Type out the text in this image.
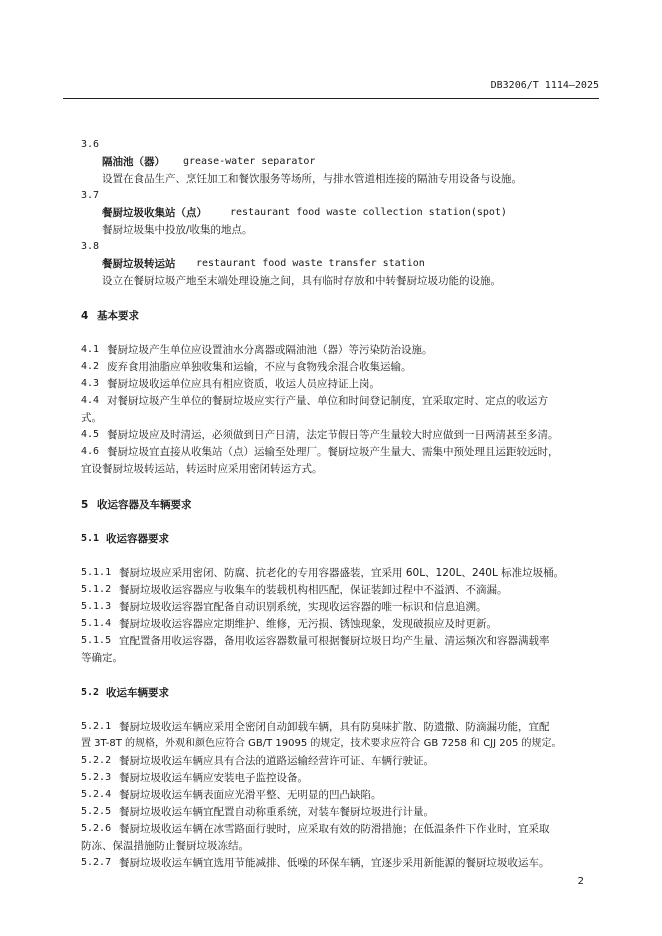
DB3206/T 1114—2025
3.6
隔油池（器） grease-water separator
设置在食品生产、烹饪加工和餐饮服务等场所，与排水管道相连接的隔油专用设备与设施。
3.7
餐厨垃圾收集站（点） restaurant food waste collection station(spot)
餐厨垃圾集中投放/收集的地点。
3.8
餐厨垃圾转运站 restaurant food waste transfer station
设立在餐厨垃圾产地至末端处理设施之间，具有临时存放和中转餐厨垃圾功能的设施。
4 基本要求
4.1 餐厨垃圾产生单位应设置油水分离器或隔油池（器）等污染防治设施。
4.2 废弃食用油脂应单独收集和运输，不应与食物残余混合收集运输。
4.3 餐厨垃圾收运单位应具有相应资质，收运人员应持证上岗。
4.4 对餐厨垃圾产生单位的餐厨垃圾应实行产量、单位和时间登记制度，宜采取定时、定点的收运方
式。
4.5 餐厨垃圾应及时清运，必须做到日产日清，法定节假日等产生量较大时应做到一日两清甚至多清。
4.6 餐厨垃圾宜直接从收集站（点）运输至处理厂。餐厨垃圾产生量大、需集中预处理且运距较远时，
宜设餐厨垃圾转运站，转运时应采用密闭转运方式。
5 收运容器及车辆要求
5.1 收运容器要求
5.1.1 餐厨垃圾应采用密闭、防腐、抗老化的专用容器盛装，宜采用 60L、120L、240L 标准垃圾桶。
5.1.2 餐厨垃圾收运容器应与收集车的装载机构相匹配，保证装卸过程中不溢洒、不滴漏。
5.1.3 餐厨垃圾收运容器宜配备自动识别系统，实现收运容器的唯一标识和信息追溯。
5.1.4 餐厨垃圾收运容器应定期维护、维修，无污损、锈蚀现象，发现破损应及时更新。
5.1.5 宜配置备用收运容器，备用收运容器数量可根据餐厨垃圾日均产生量、清运频次和容器满载率
等确定。
5.2 收运车辆要求
5.2.1 餐厨垃圾收运车辆应采用全密闭自动卸载车辆，具有防臭味扩散、防遗撒、防滴漏功能，宜配
置 3T-8T 的规格，外观和颜色应符合 GB/T 19095 的规定，技术要求应符合 GB 7258 和 CJJ 205 的规定。
5.2.2 餐厨垃圾收运车辆应具有合法的道路运输经营许可证、车辆行驶证。
5.2.3 餐厨垃圾收运车辆应安装电子监控设备。
5.2.4 餐厨垃圾收运车辆表面应光滑平整、无明显的凹凸缺陷。
5.2.5 餐厨垃圾收运车辆宜配置自动称重系统，对装车餐厨垃圾进行计量。
5.2.6 餐厨垃圾收运车辆在冰雪路面行驶时，应采取有效的防滑措施；在低温条件下作业时，宜采取
防冻、保温措施防止餐厨垃圾冻结。
5.2.7 餐厨垃圾收运车辆宜选用节能减排、低噪的环保车辆，宜逐步采用新能源的餐厨垃圾收运车。
2
